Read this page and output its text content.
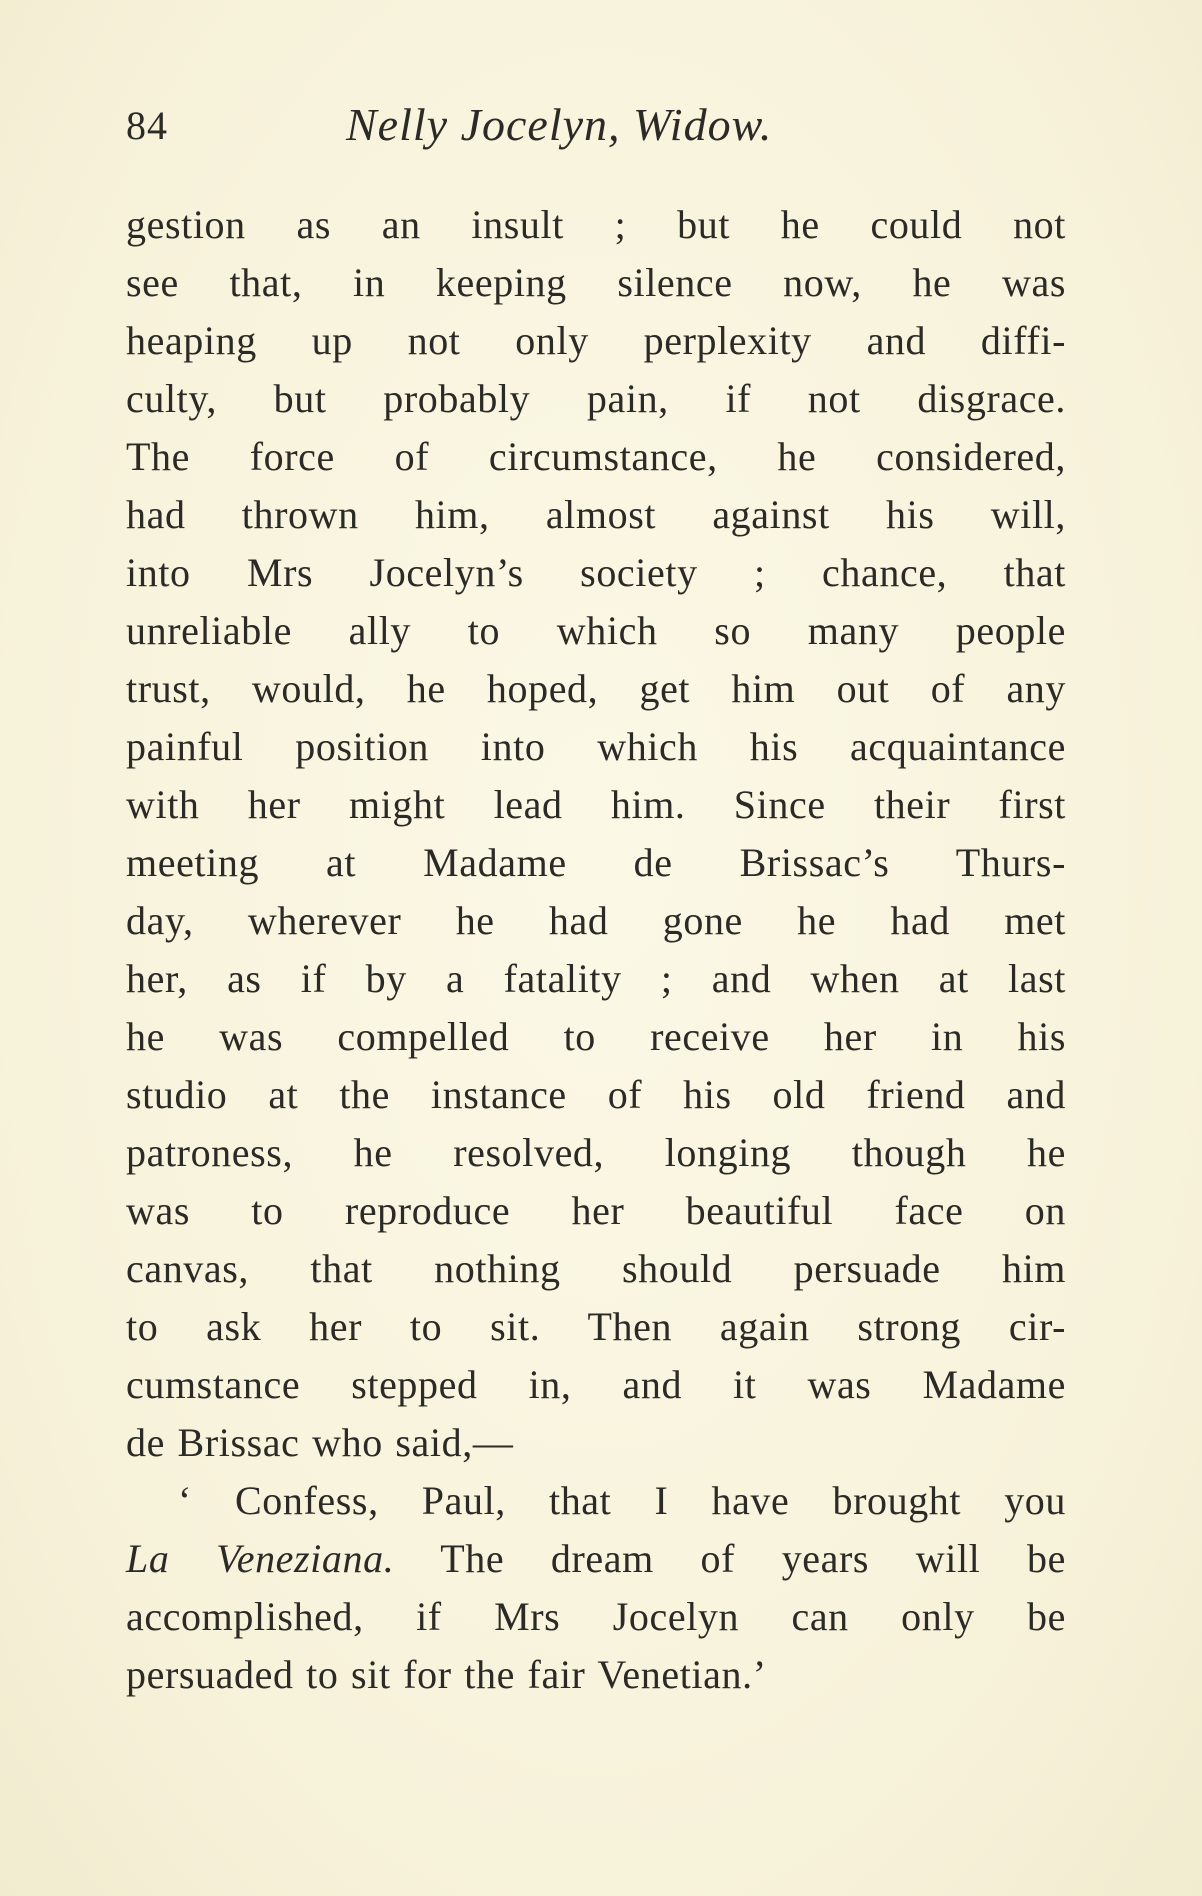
84	Nelly Jocelyn, Widow.
gestion as an insult ; but he could not
see that, in keeping silence now, he was
heaping up not only perplexity and diffi-
culty, but probably pain, if not disgrace.
The force of circumstance, he considered,
had thrown him, almost against his will,
into Mrs Jocelyn’s society ; chance, that
unreliable ally to which so many people
trust, would, he hoped, get him out of any
painful position into which his acquaintance
with her might lead him. Since their first
meeting at Madame de Brissac’s Thurs-
day, wherever he had gone he had met
her, as if by a fatality ; and when at last
he was compelled to receive her in his
studio at the instance of his old friend and
patroness, he resolved, longing though he
was to reproduce her beautiful face on
canvas, that nothing should persuade him
to ask her to sit. Then again strong cir-
cumstance stepped in, and it was Madame
de Brissac who said,—
‘ Confess, Paul, that I have brought you
La Veneziana. The dream of years will be
accomplished, if Mrs Jocelyn can only be
persuaded to sit for the fair Venetian.’
